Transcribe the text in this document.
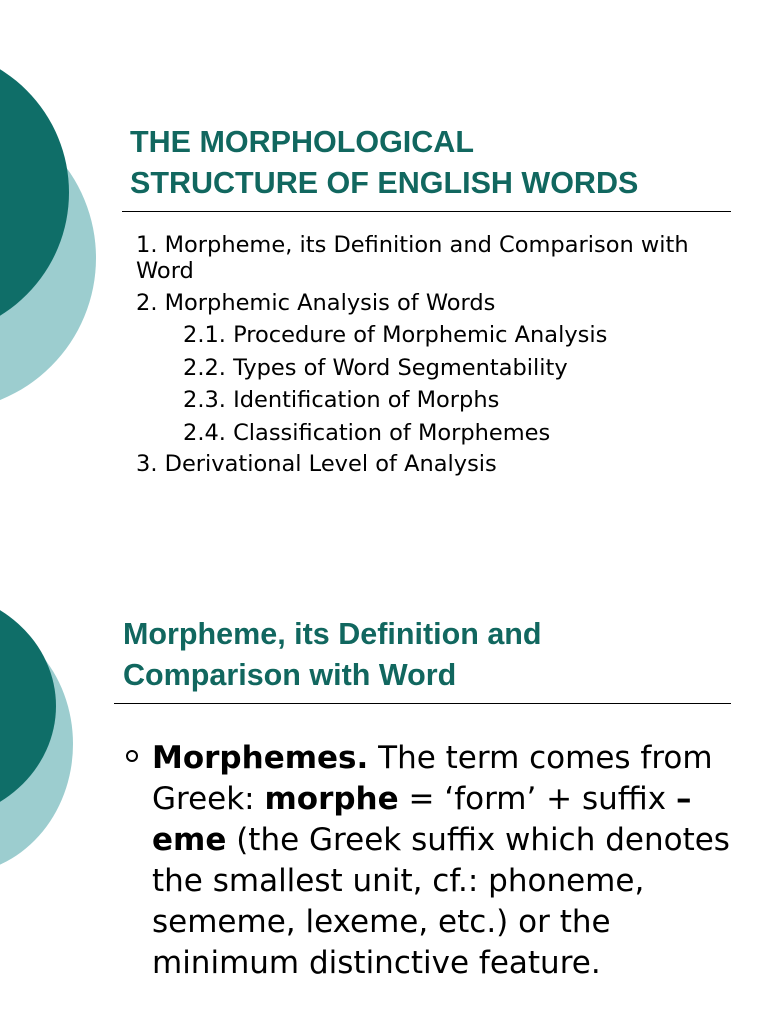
THE MORPHOLOGICAL
STRUCTURE OF ENGLISH WORDS
1. Morpheme, its Definition and Comparison with Word
2. Morphemic Analysis of Words
2.1. Procedure of Morphemic Analysis
2.2. Types of Word Segmentability
2.3. Identification of Morphs
2.4. Classification of Morphemes
3. Derivational Level of Analysis
Morpheme, its Definition and
Comparison with Word

Morphemes. The term comes from Greek: morphe = ‘form’ + suffix –eme (the Greek suffix which denotes the smallest unit, cf.: phoneme, sememe, lexeme, etc.) or the minimum distinctive feature.
